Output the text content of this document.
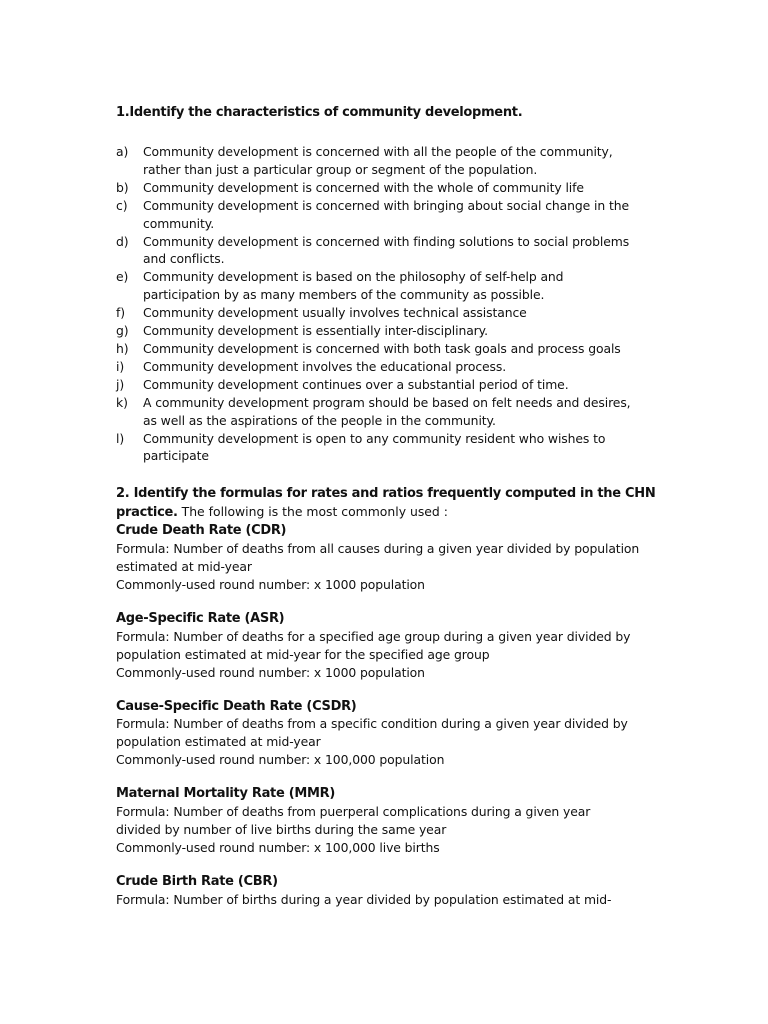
1.Identify the characteristics of community development.

a) Community development is concerned with all the people of the community,
rather than just a particular group or segment of the population.
b) Community development is concerned with the whole of community life
c) Community development is concerned with bringing about social change in the
community.
d) Community development is concerned with finding solutions to social problems
and conflicts.
e) Community development is based on the philosophy of self-help and
participation by as many members of the community as possible.
f) Community development usually involves technical assistance
g) Community development is essentially inter-disciplinary.
h) Community development is concerned with both task goals and process goals
i) Community development involves the educational process.
j) Community development continues over a substantial period of time.
k) A community development program should be based on felt needs and desires,
as well as the aspirations of the people in the community.
l) Community development is open to any community resident who wishes to
participate
2. Identify the formulas for rates and ratios frequently computed in the CHN
practice. The following is the most commonly used :
Crude Death Rate (CDR)
Formula: Number of deaths from all causes during a given year divided by population
estimated at mid-year
Commonly-used round number: x 1000 population
Age-Specific Rate (ASR)
Formula: Number of deaths for a specified age group during a given year divided by
population estimated at mid-year for the specified age group
Commonly-used round number: x 1000 population
Cause-Specific Death Rate (CSDR)
Formula: Number of deaths from a specific condition during a given year divided by
population estimated at mid-year
Commonly-used round number: x 100,000 population
Maternal Mortality Rate (MMR)
Formula: Number of deaths from puerperal complications during a given year
divided by number of live births during the same year
Commonly-used round number: x 100,000 live births
Crude Birth Rate (CBR)
Formula: Number of births during a year divided by population estimated at mid-
